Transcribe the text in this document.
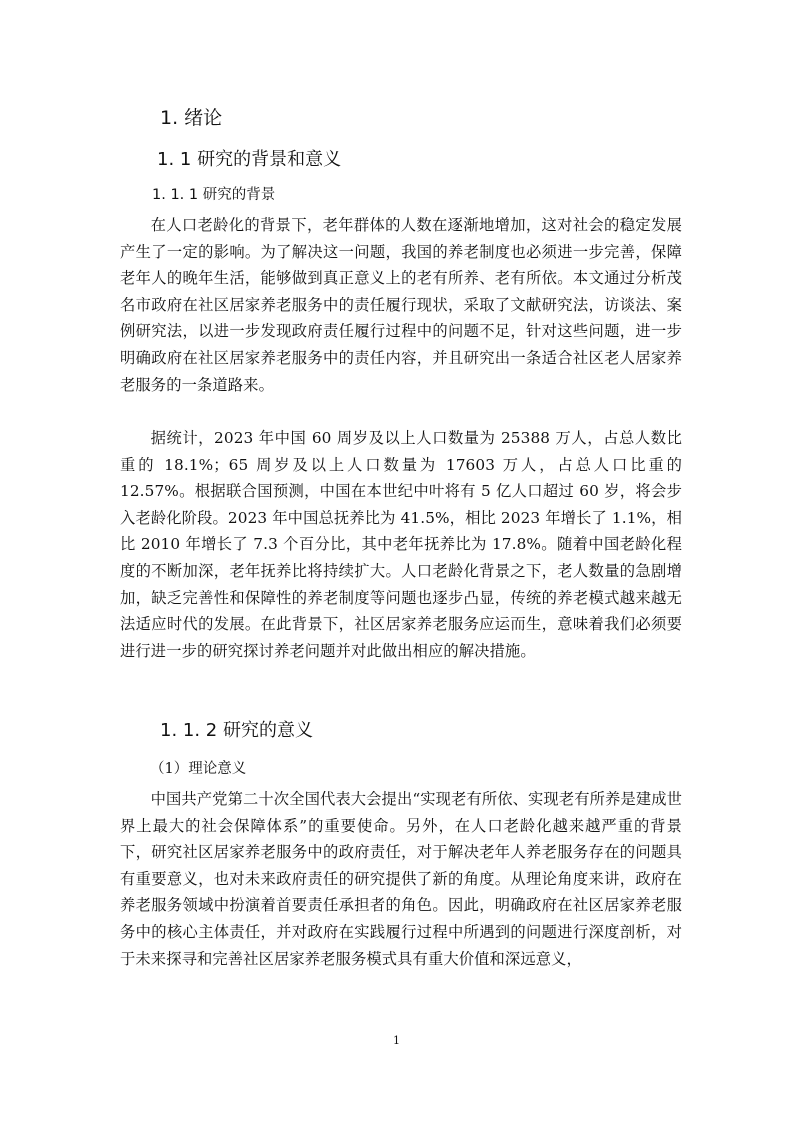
1. 绪论
1. 1 研究的背景和意义
1. 1. 1 研究的背景

在人口老龄化的背景下，老年群体的人数在逐渐地增加，这对社会的稳定发展产生了一定的影响。为了解决这一问题，我国的养老制度也必须进一步完善，保障老年人的晚年生活，能够做到真正意义上的老有所养、老有所依。本文通过分析茂名市政府在社区居家养老服务中的责任履行现状，采取了文献研究法，访谈法、案例研究法，以进一步发现政府责任履行过程中的问题不足，针对这些问题，进一步明确政府在社区居家养老服务中的责任内容，并且研究出一条适合社区老人居家养老服务的一条道路来。

据统计，2023 年中国 60 周岁及以上人口数量为 25388 万人，占总人数比重的 18.1%；65 周岁及以上人口数量为 17603 万人，占总人口比重的 12.57%。根据联合国预测，中国在本世纪中叶将有 5 亿人口超过 60 岁，将会步入老龄化阶段。2023 年中国总抚养比为 41.5%，相比 2023 年增长了 1.1%，相比 2010 年增长了 7.3 个百分比，其中老年抚养比为 17.8%。随着中国老龄化程度的不断加深，老年抚养比将持续扩大。人口老龄化背景之下，老人数量的急剧增加，缺乏完善性和保障性的养老制度等问题也逐步凸显，传统的养老模式越来越无法适应时代的发展。在此背景下，社区居家养老服务应运而生，意味着我们必须要进行进一步的研究探讨养老问题并对此做出相应的解决措施。

1. 1. 2 研究的意义
（1）理论意义

中国共产党第二十次全国代表大会提出“实现老有所依、实现老有所养是建成世界上最大的社会保障体系”的重要使命。另外，在人口老龄化越来越严重的背景下，研究社区居家养老服务中的政府责任，对于解决老年人养老服务存在的问题具有重要意义，也对未来政府责任的研究提供了新的角度。从理论角度来讲，政府在养老服务领域中扮演着首要责任承担者的角色。因此，明确政府在社区居家养老服务中的核心主体责任，并对政府在实践履行过程中所遇到的问题进行深度剖析，对于未来探寻和完善社区居家养老服务模式具有重大价值和深远意义，

1
